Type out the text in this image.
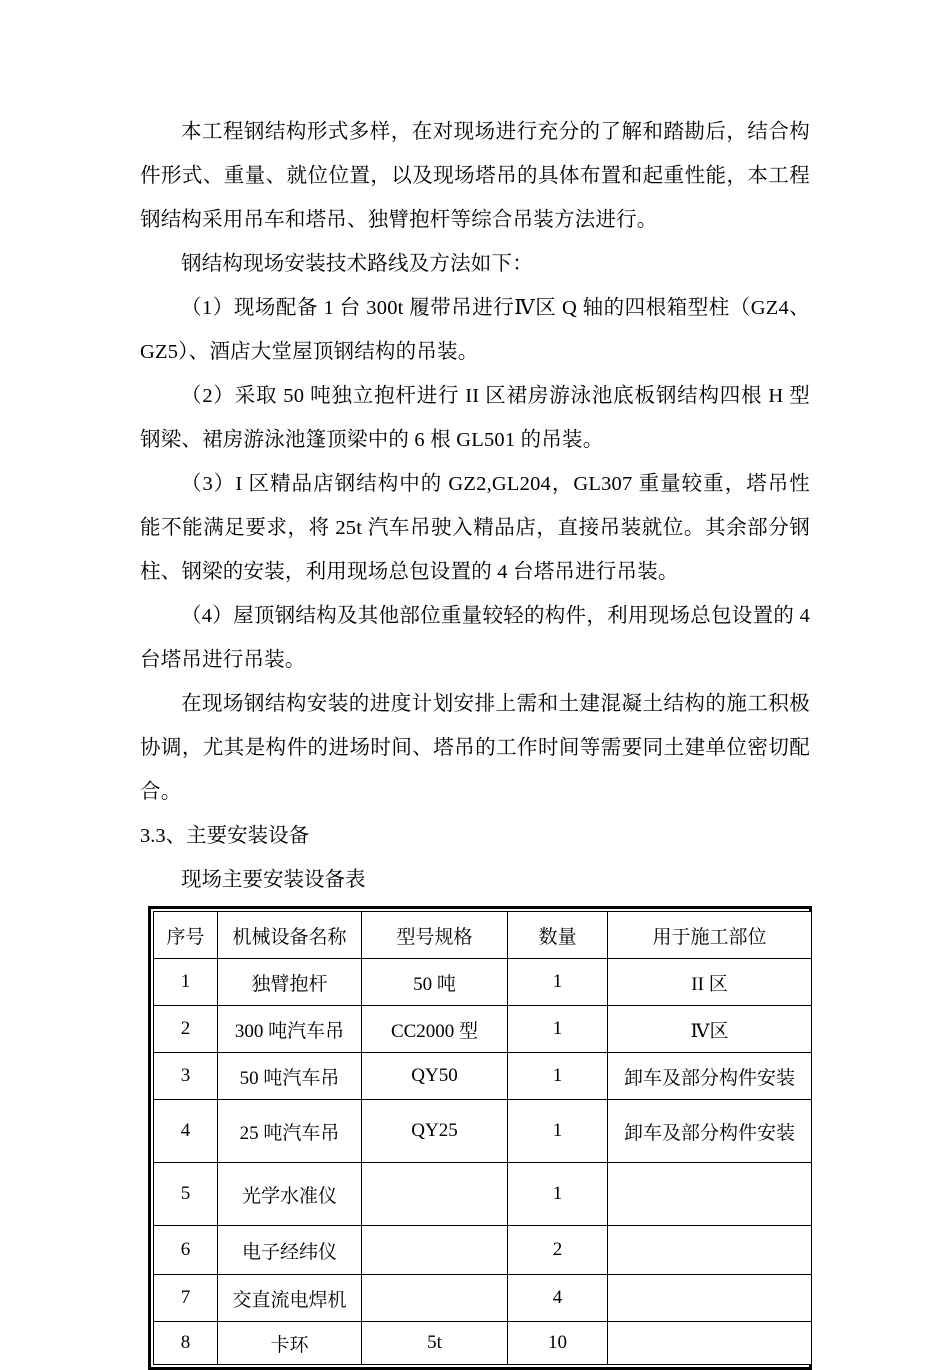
本工程钢结构形式多样，在对现场进行充分的了解和踏勘后，结合构件形式、重量、就位位置，以及现场塔吊的具体布置和起重性能，本工程钢结构采用吊车和塔吊、独臂抱杆等综合吊装方法进行。

钢结构现场安装技术路线及方法如下：

（1）现场配备 1 台 300t 履带吊进行Ⅳ区 Q 轴的四根箱型柱（GZ4、GZ5）、酒店大堂屋顶钢结构的吊装。

（2）采取 50 吨独立抱杆进行 II 区裙房游泳池底板钢结构四根 H 型钢梁、裙房游泳池篷顶梁中的 6 根 GL501 的吊装。

（3）I 区精品店钢结构中的 GZ2,GL204，GL307 重量较重，塔吊性能不能满足要求，将 25t 汽车吊驶入精品店，直接吊装就位。其余部分钢柱、钢梁的安装，利用现场总包设置的 4 台塔吊进行吊装。

（4）屋顶钢结构及其他部位重量较轻的构件，利用现场总包设置的 4 台塔吊进行吊装。

在现场钢结构安装的进度计划安排上需和土建混凝土结构的施工积极协调，尤其是构件的进场时间、塔吊的工作时间等需要同土建单位密切配合。

3.3、主要安装设备

现场主要安装设备表

序号	机械设备名称	型号规格	数量	用于施工部位
1	独臂抱杆	50 吨	1	II 区
2	300 吨汽车吊	CC2000 型	1	Ⅳ区
3	50 吨汽车吊	QY50	1	卸车及部分构件安装
4	25 吨汽车吊	QY25	1	卸车及部分构件安装
5	光学水准仪		1	
6	电子经纬仪		2	
7	交直流电焊机		4	
8	卡环	5t	10	
